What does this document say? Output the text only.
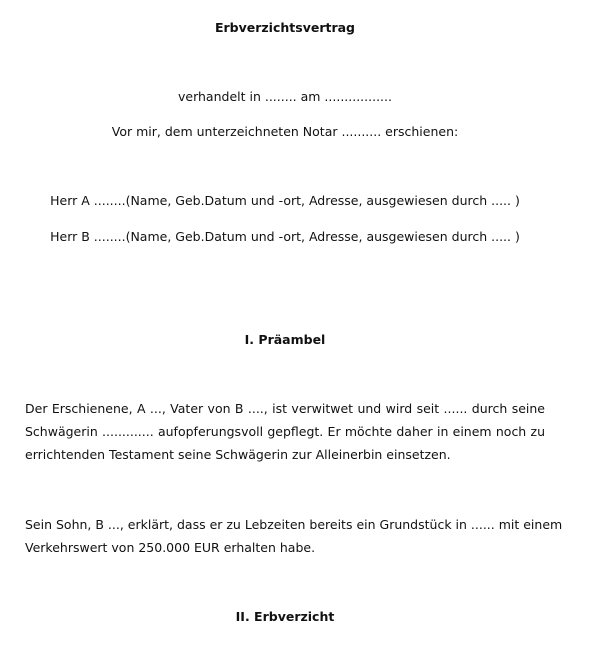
Erbverzichtsvertrag
verhandelt in ........ am .................
Vor mir, dem unterzeichneten Notar .......... erschienen:
Herr A ........(Name, Geb.Datum und -ort, Adresse, ausgewiesen durch ..... )
Herr B ........(Name, Geb.Datum und -ort, Adresse, ausgewiesen durch ..... )
I. Präambel
Der Erschienene, A ..., Vater von B ...., ist verwitwet und wird seit ...... durch seine
Schwägerin ............. aufopferungsvoll gepflegt. Er möchte daher in einem noch zu
errichtenden Testament seine Schwägerin zur Alleinerbin einsetzen.
Sein Sohn, B ..., erklärt, dass er zu Lebzeiten bereits ein Grundstück in ...... mit einem
Verkehrswert von 250.000 EUR erhalten habe.
II. Erbverzicht
